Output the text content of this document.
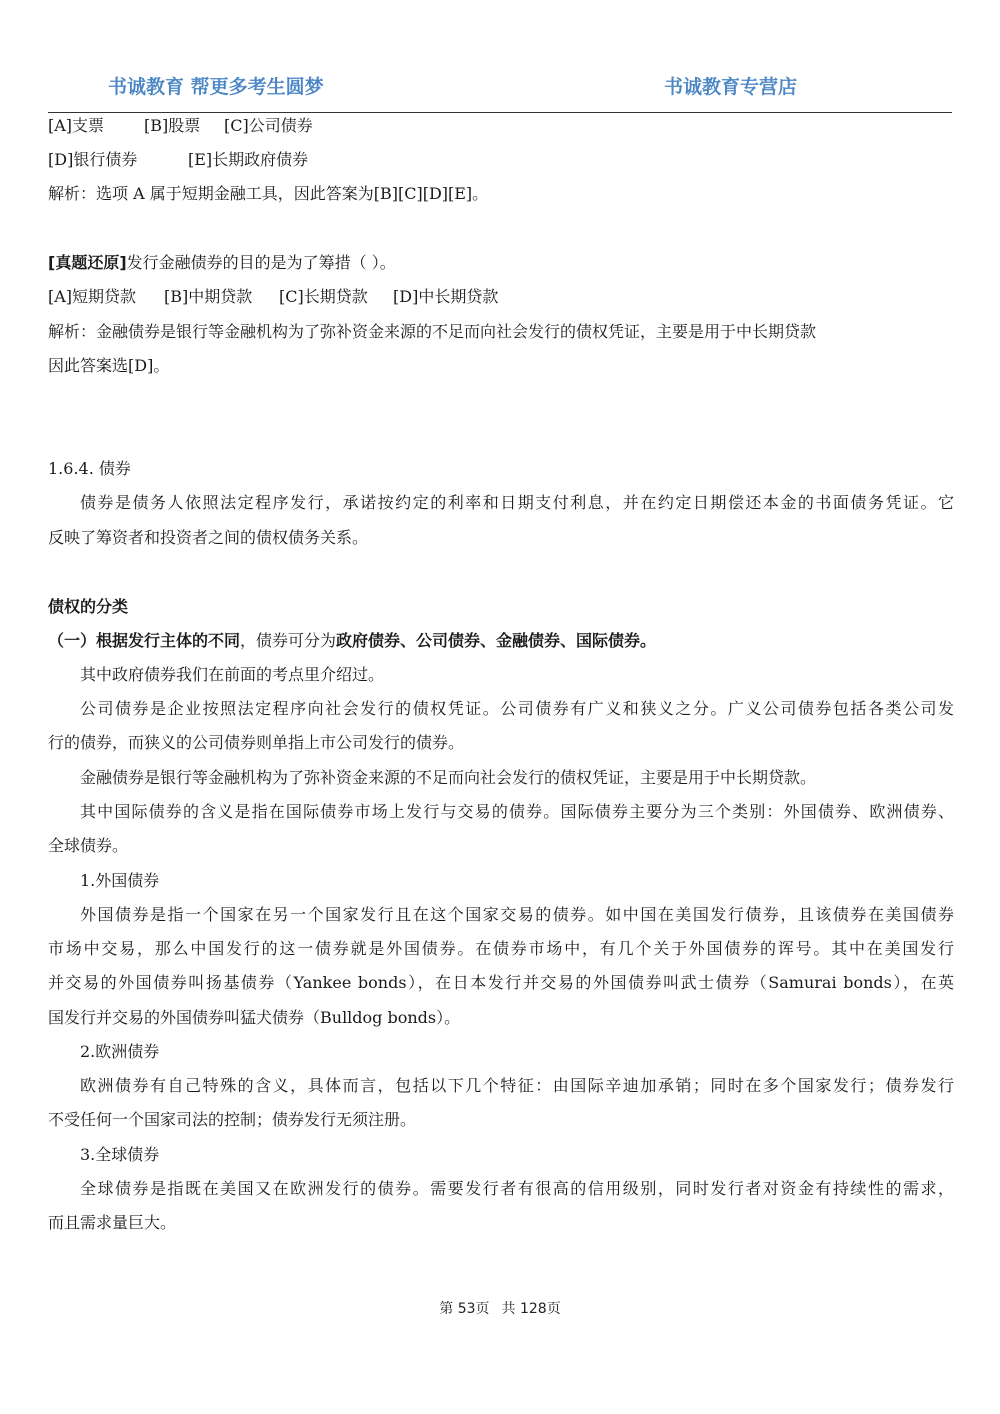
书诚教育 帮更多考生圆梦	书诚教育专营店
[A]支票 [B]股票 [C]公司债券
[D]银行债券	[E]长期政府债券
解析：选项 A 属于短期金融工具，因此答案为[B][C][D][E]。
[真题还原]发行金融债券的目的是为了筹措（ ）。
[A]短期贷款 [B]中期贷款 [C]长期贷款 [D]中长期贷款
解析：金融债券是银行等金融机构为了弥补资金来源的不足而向社会发行的债权凭证，主要是用于中长期贷款
因此答案选[D]。
1.6.4. 债券
债券是债务人依照法定程序发行，承诺按约定的利率和日期支付利息，并在约定日期偿还本金的书面债务凭证。它
反映了筹资者和投资者之间的债权债务关系。
债权的分类
（一）根据发行主体的不同，债券可分为政府债券、公司债券、金融债券、国际债券。
其中政府债券我们在前面的考点里介绍过。
公司债券是企业按照法定程序向社会发行的债权凭证。公司债券有广义和狭义之分。广义公司债券包括各类公司发
行的债券，而狭义的公司债券则单指上市公司发行的债券。
金融债券是银行等金融机构为了弥补资金来源的不足而向社会发行的债权凭证，主要是用于中长期贷款。
其中国际债券的含义是指在国际债券市场上发行与交易的债券。国际债券主要分为三个类别：外国债券、欧洲债券、
全球债券。
1.外国债券
外国债券是指一个国家在另一个国家发行且在这个国家交易的债券。如中国在美国发行债券，且该债券在美国债券
市场中交易，那么中国发行的这一债券就是外国债券。在债券市场中，有几个关于外国债券的诨号。其中在美国发行
并交易的外国债券叫扬基债券（Yankee bonds），在日本发行并交易的外国债券叫武士债券（Samurai bonds），在英
国发行并交易的外国债券叫猛犬债券（Bulldog bonds）。
2.欧洲债券
欧洲债券有自己特殊的含义，具体而言，包括以下几个特征：由国际辛迪加承销；同时在多个国家发行；债券发行
不受任何一个国家司法的控制；债券发行无须注册。
3.全球债券
全球债券是指既在美国又在欧洲发行的债券。需要发行者有很高的信用级别，同时发行者对资金有持续性的需求，
而且需求量巨大。
第 53页 共 128页
